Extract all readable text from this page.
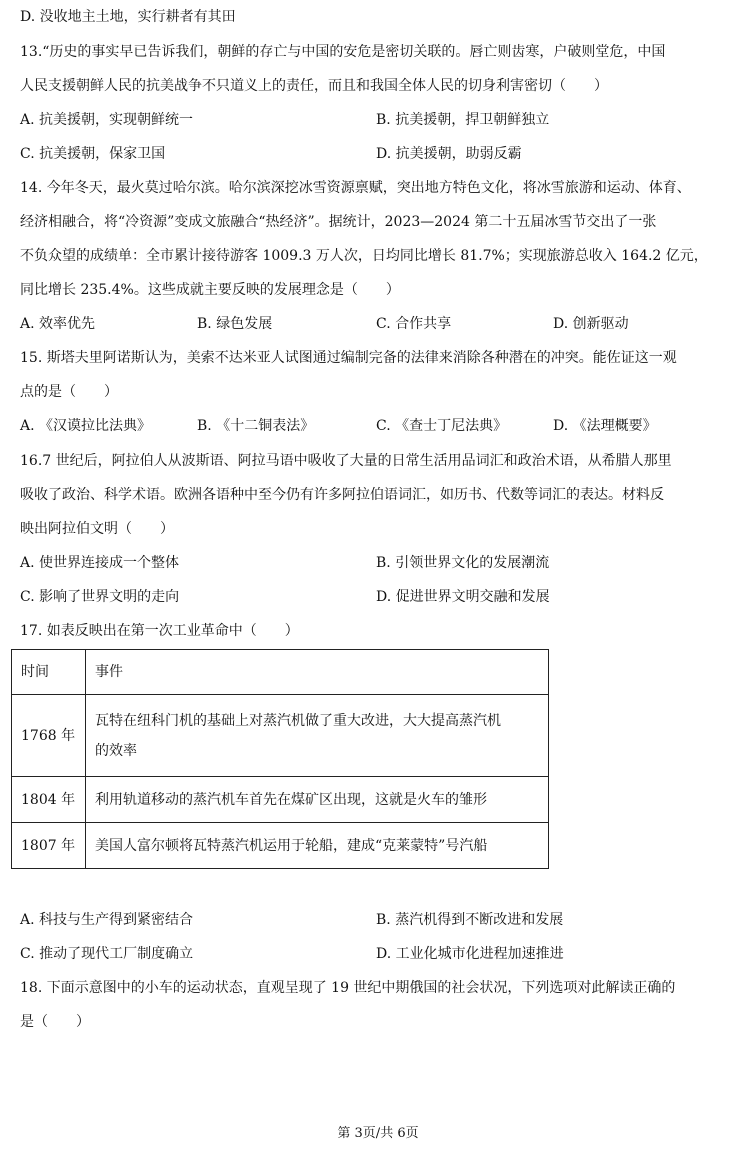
D. 没收地主土地，实行耕者有其田
13.“历史的事实早已告诉我们，朝鲜的存亡与中国的安危是密切关联的。唇亡则齿寒，户破则堂危，中国
人民支援朝鲜人民的抗美战争不只道义上的责任，而且和我国全体人民的切身利害密切（　　）
A. 抗美援朝，实现朝鲜统一	B. 抗美援朝，捍卫朝鲜独立
C. 抗美援朝，保家卫国	D. 抗美援朝，助弱反霸
14. 今年冬天，最火莫过哈尔滨。哈尔滨深挖冰雪资源禀赋，突出地方特色文化，将冰雪旅游和运动、体育、
经济相融合，将“冷资源”变成文旅融合“热经济”。据统计，2023—2024 第二十五届冰雪节交出了一张
不负众望的成绩单：全市累计接待游客 1009.3 万人次，日均同比增长 81.7%；实现旅游总收入 164.2 亿元，
同比增长 235.4%。这些成就主要反映的发展理念是（　　）
A. 效率优先	B. 绿色发展	C. 合作共享	D. 创新驱动
15. 斯塔夫里阿诺斯认为，美索不达米亚人试图通过编制完备的法律来消除各种潜在的冲突。能佐证这一观
点的是（　　）
A. 《汉谟拉比法典》	B. 《十二铜表法》	C. 《查士丁尼法典》	D. 《法理概要》
16.7 世纪后，阿拉伯人从波斯语、阿拉马语中吸收了大量的日常生活用品词汇和政治术语，从希腊人那里
吸收了政治、科学术语。欧洲各语种中至今仍有许多阿拉伯语词汇，如历书、代数等词汇的表达。材料反
映出阿拉伯文明（　　）
A. 使世界连接成一个整体	B. 引领世界文化的发展潮流
C. 影响了世界文明的走向	D. 促进世界文明交融和发展
17. 如表反映出在第一次工业革命中（　　）
时间	事件
1768 年	瓦特在纽科门机的基础上对蒸汽机做了重大改进，大大提高蒸汽机
的效率

1804 年	利用轨道移动的蒸汽机车首先在煤矿区出现，这就是火车的雏形
1807 年	美国人富尔顿将瓦特蒸汽机运用于轮船，建成“克莱蒙特”号汽船
A. 科技与生产得到紧密结合	B. 蒸汽机得到不断改进和发展
C. 推动了现代工厂制度确立	D. 工业化城市化进程加速推进
18. 下面示意图中的小车的运动状态，直观呈现了 19 世纪中期俄国的社会状况，下列选项对此解读正确的
是（　　）
第 3页/共 6页
